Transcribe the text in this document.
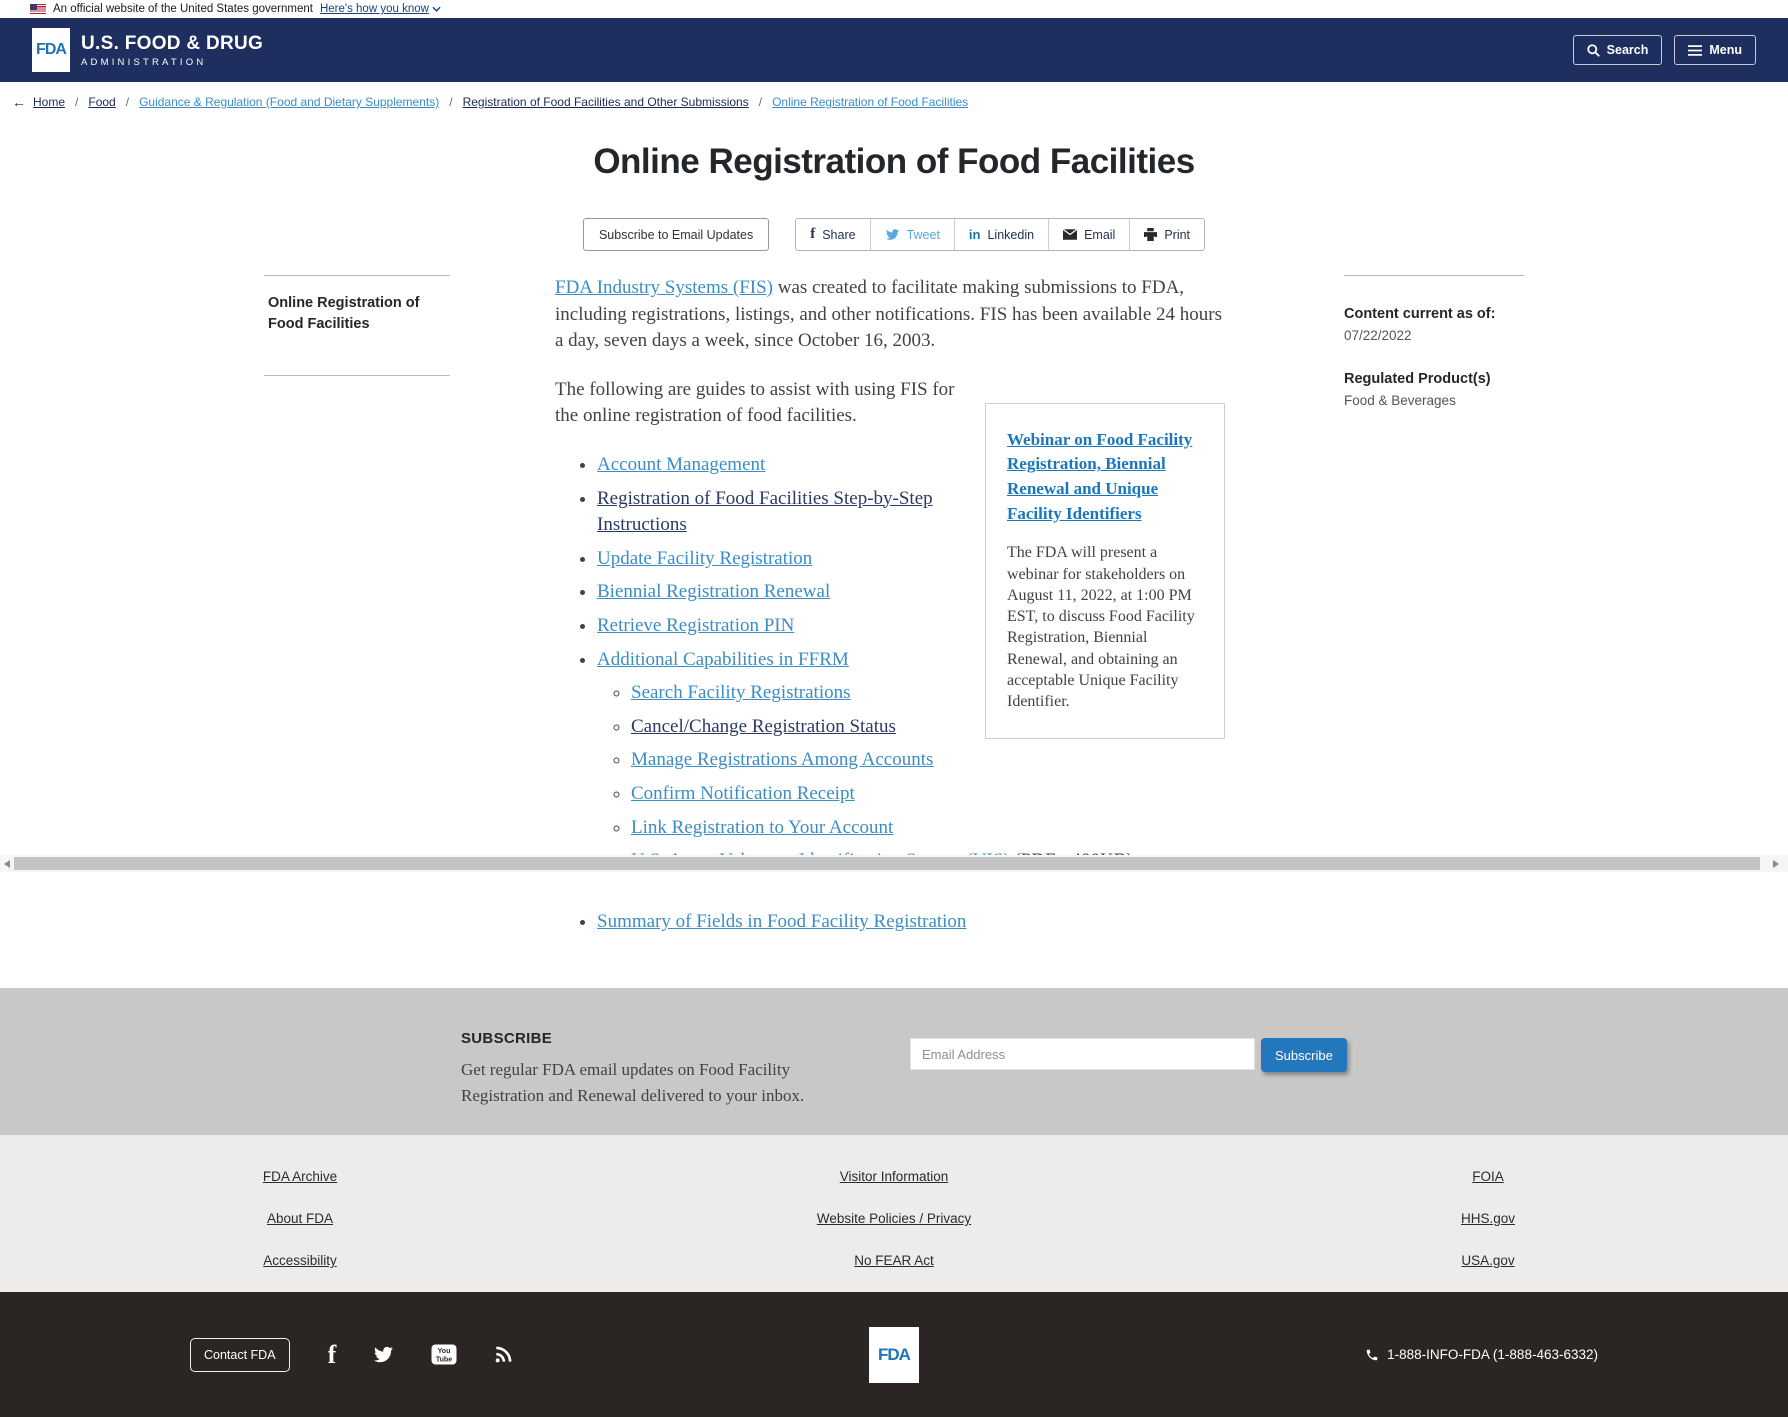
An official website of the United States government Here's how you know
FDA U.S. FOOD & DRUG
ADMINISTRATION
Search	Menu
← Home / Food / Guidance & Regulation (Food and Dietary Supplements) / Registration of Food Facilities and Other Submissions / Online Registration of Food Facilities
Online Registration of Food Facilities
Subscribe to Email Updates	f Share	Tweet in Linkedin	Email	Print
Online Registration of Food Facilities

FDA Industry Systems (FIS) was created to facilitate making submissions to FDA, including registrations, listings, and other notifications. FIS has been available 24 hours a day, seven days a week, since October 16, 2003.

Webinar on Food Facility Registration, Biennial Renewal and Unique Facility Identifiers
The FDA will present a webinar for stakeholders on August 11, 2022, at 1:00 PM EST, to discuss Food Facility Registration, Biennial Renewal, and obtaining an acceptable Unique Facility Identifier.

The following are guides to assist with using FIS for the online registration of food facilities.

• Account Management
• Registration of Food Facilities Step-by-Step Instructions
• Update Facility Registration
• Biennial Registration Renewal
• Retrieve Registration PIN
• Additional Capabilities in FFRM
◦ Search Facility Registrations
◦ Cancel/Change Registration Status
◦ Manage Registrations Among Accounts
◦ Confirm Notification Receipt
◦ Link Registration to Your Account
◦
• Summary of Fields in Food Facility Registration
Content current as of:
07/22/2022
Regulated Product(s)
Food & Beverages
SUBSCRIBE
Get regular FDA email updates on Food Facility Registration and Renewal delivered to your inbox.
Email Address
Subscribe
FDA Archive	Visitor Information	FOIA
About FDA	Website Policies / Privacy	HHS.gov
Accessibility	No FEAR Act	USA.gov
Contact FDA	f	You
Tube	FDA	1-888-INFO-FDA (1-888-463-6332)
